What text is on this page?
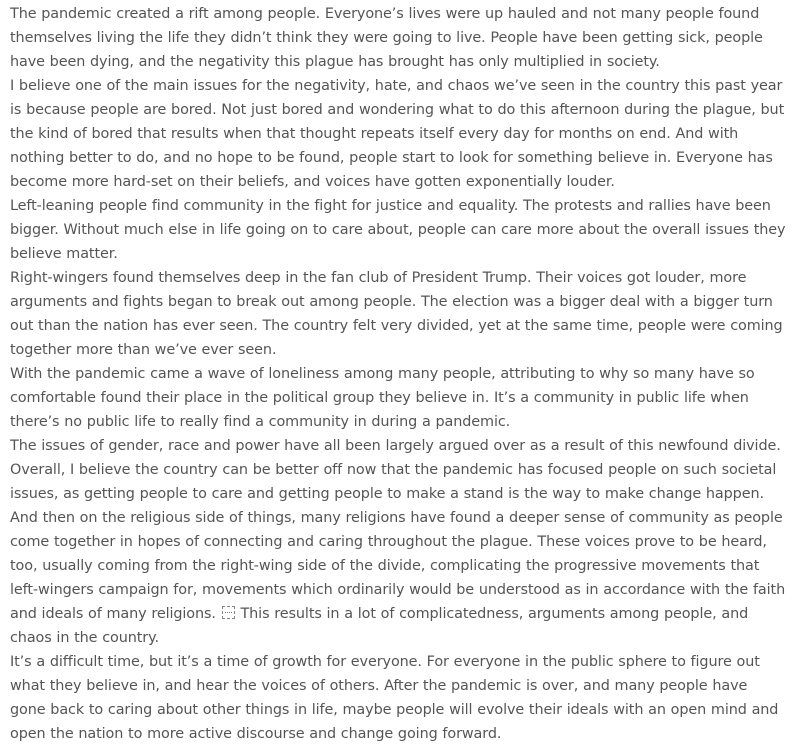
The pandemic created a rift among people. Everyone’s lives were up hauled and not many people found themselves living the life they didn’t think they were going to live. People have been getting sick, people have been dying, and the negativity this plague has brought has only multiplied in society.

I believe one of the main issues for the negativity, hate, and chaos we’ve seen in the country this past year is because people are bored. Not just bored and wondering what to do this afternoon during the plague, but the kind of bored that results when that thought repeats itself every day for months on end. And with nothing better to do, and no hope to be found, people start to look for something believe in. Everyone has become more hard-set on their beliefs, and voices have gotten exponentially louder.

Left-leaning people find community in the fight for justice and equality. The protests and rallies have been bigger. Without much else in life going on to care about, people can care more about the overall issues they believe matter.

Right-wingers found themselves deep in the fan club of President Trump. Their voices got louder, more arguments and fights began to break out among people. The election was a bigger deal with a bigger turn out than the nation has ever seen. The country felt very divided, yet at the same time, people were coming together more than we’ve ever seen.

With the pandemic came a wave of loneliness among many people, attributing to why so many have so comfortable found their place in the political group they believe in. It’s a community in public life when there’s no public life to really find a community in during a pandemic.

The issues of gender, race and power have all been largely argued over as a result of this newfound divide. Overall, I believe the country can be better off now that the pandemic has focused people on such societal issues, as getting people to care and getting people to make a stand is the way to make change happen.

And then on the religious side of things, many religions have found a deeper sense of community as people come together in hopes of connecting and caring throughout the plague. These voices prove to be heard, too, usually coming from the right-wing side of the divide, complicating the progressive movements that left-wingers campaign for, movements which ordinarily would be understood as in accordance with the faith and ideals of many religions. This results in a lot of complicatedness, arguments among people, and chaos in the country.

It’s a difficult time, but it’s a time of growth for everyone. For everyone in the public sphere to figure out what they believe in, and hear the voices of others. After the pandemic is over, and many people have gone back to caring about other things in life, maybe people will evolve their ideals with an open mind and open the nation to more active discourse and change going forward.
